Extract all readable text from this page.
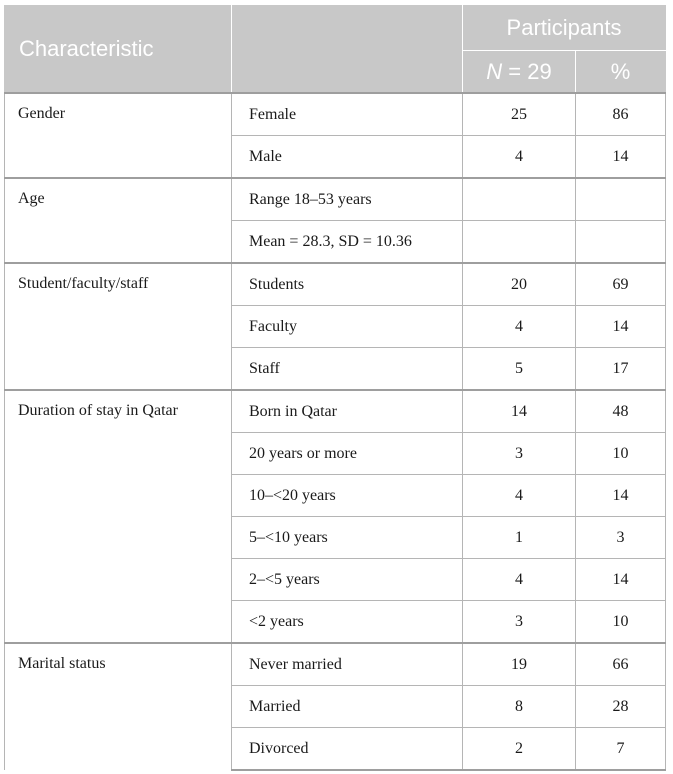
Characteristic		Participants	
		N = 29	%
Gender	Female	25	86
	Male	4	14
Age	Range 18–53 years		
	Mean = 28.3, SD = 10.36		
Student/faculty/staff	Students	20	69
	Faculty	4	14
	Staff	5	17
Duration of stay in Qatar	Born in Qatar	14	48
	20 years or more	3	10
	10–<20 years	4	14
	5–<10 years	1	3
	2–<5 years	4	14
	<2 years	3	10
Marital status	Never married	19	66
	Married	8	28
	Divorced	2	7
